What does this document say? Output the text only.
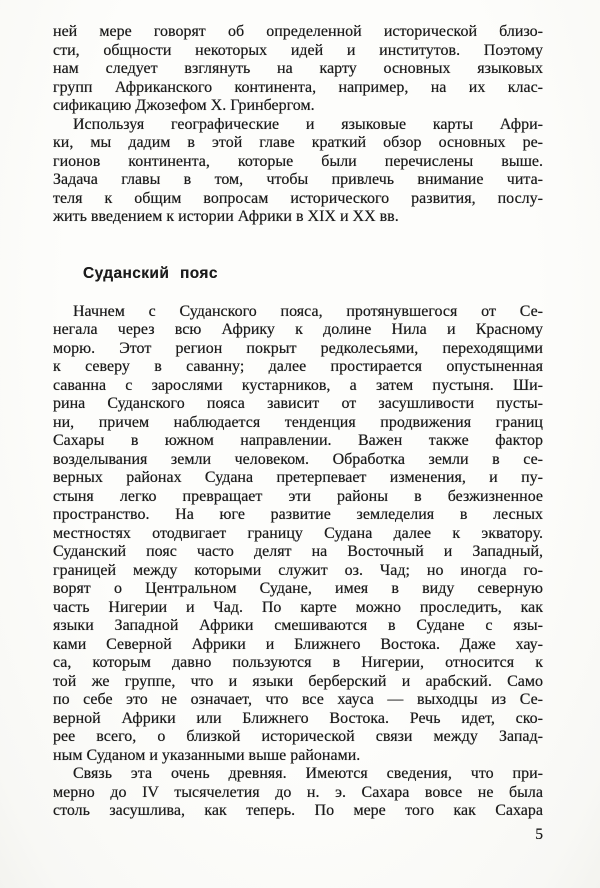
ней мере говорят об определенной исторической близо-
сти, общности некоторых идей и институтов. Поэтому
нам следует взглянуть на карту основных языковых
групп Африканского континента, например, на их клас-
сификацию Джозефом Х. Гринбергом.
Используя географические и языковые карты Афри-
ки, мы дадим в этой главе краткий обзор основных ре-
гионов континента, которые были перечислены выше.
Задача главы в том, чтобы привлечь внимание чита-
теля к общим вопросам исторического развития, послу-
жить введением к истории Африки в XIX и XX вв.
Суданский пояс
Начнем с Суданского пояса, протянувшегося от Се-
негала через всю Африку к долине Нила и Красному
морю. Этот регион покрыт редколесьями, переходящими
к северу в саванну; далее простирается опустыненная
саванна с зарослями кустарников, а затем пустыня. Ши-
рина Суданского пояса зависит от засушливости пусты-
ни, причем наблюдается тенденция продвижения границ
Сахары в южном направлении. Важен также фактор
возделывания земли человеком. Обработка земли в се-
верных районах Судана претерпевает изменения, и пу-
стыня легко превращает эти районы в безжизненное
пространство. На юге развитие земледелия в лесных
местностях отодвигает границу Судана далее к экватору.
Суданский пояс часто делят на Восточный и Западный,
границей между которыми служит оз. Чад; но иногда го-
ворят о Центральном Судане, имея в виду северную
часть Нигерии и Чад. По карте можно проследить, как
языки Западной Африки смешиваются в Судане с язы-
ками Северной Африки и Ближнего Востока. Даже хау-
са, которым давно пользуются в Нигерии, относится к
той же группе, что и языки берберский и арабский. Само
по себе это не означает, что все хауса — выходцы из Се-
верной Африки или Ближнего Востока. Речь идет, ско-
рее всего, о близкой исторической связи между Запад-
ным Суданом и указанными выше районами.
Связь эта очень древняя. Имеются сведения, что при-
мерно до IV тысячелетия до н. э. Сахара вовсе не была
столь засушлива, как теперь. По мере того как Сахара
5
